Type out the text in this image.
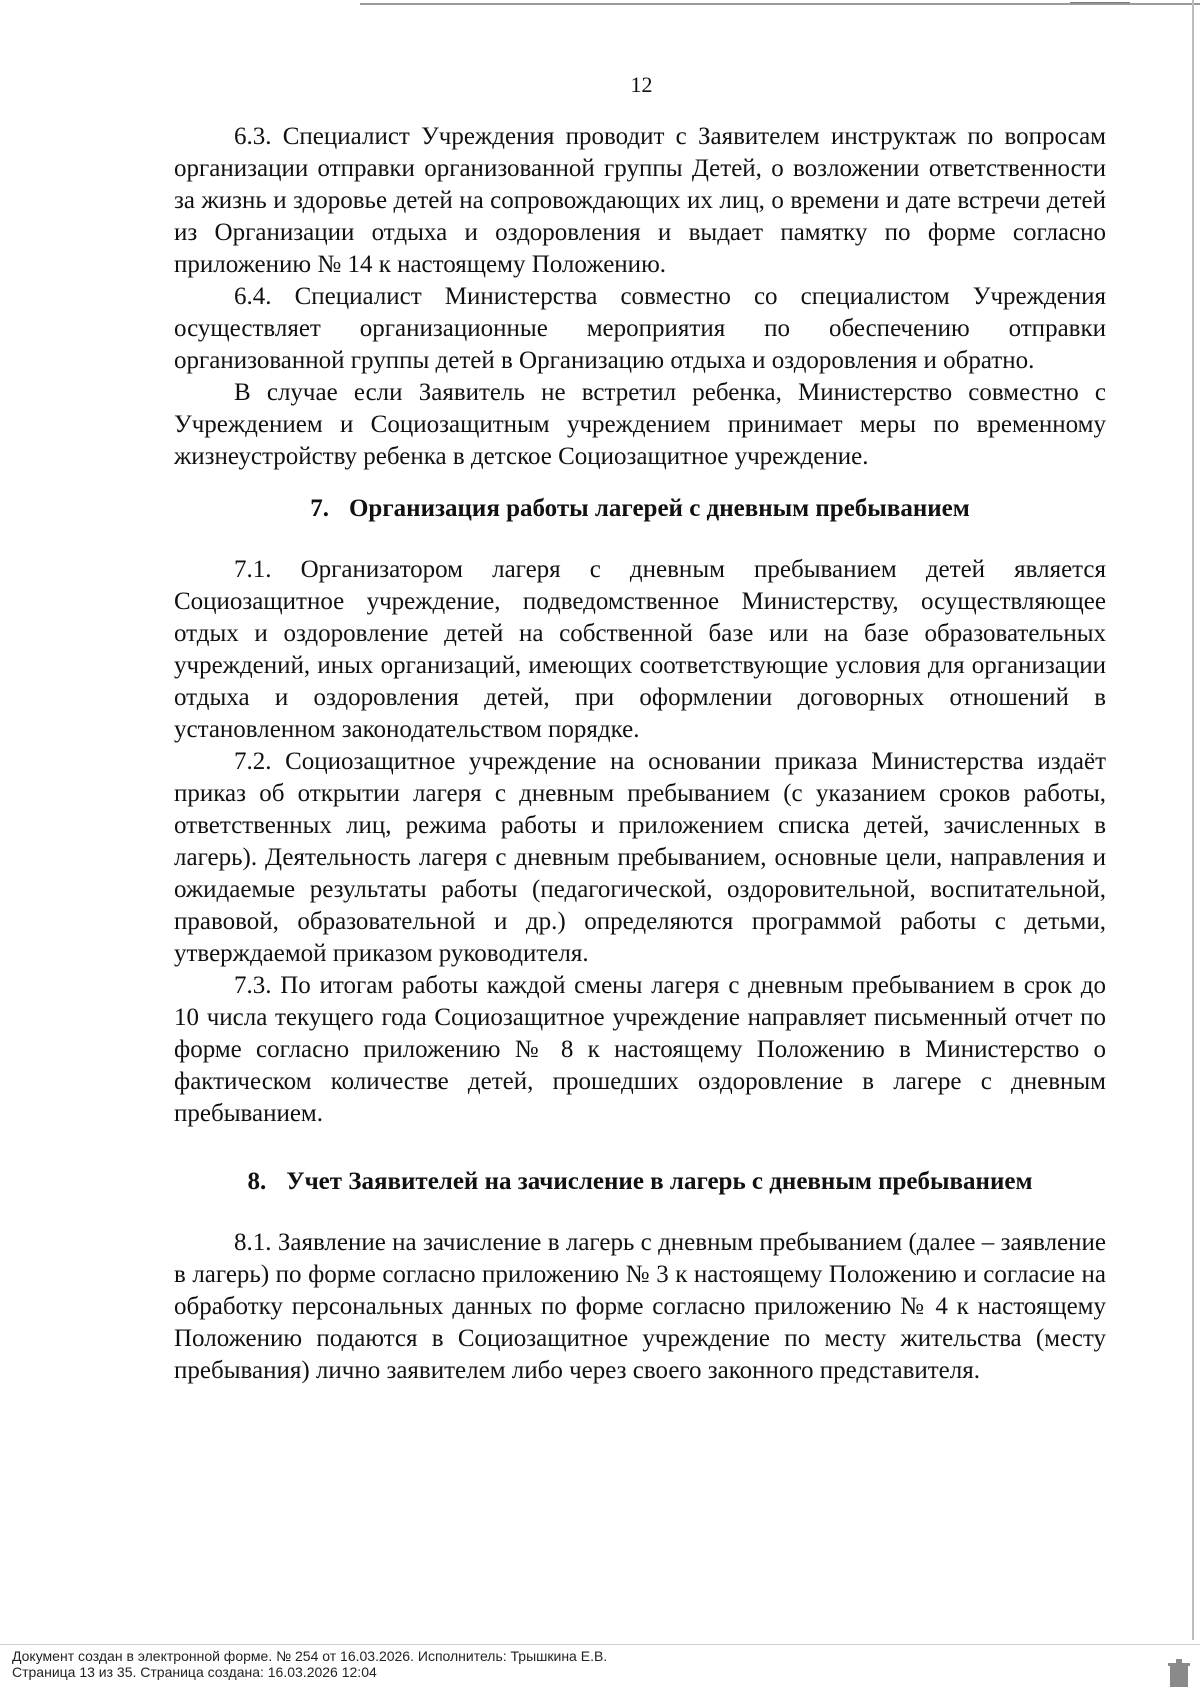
12

6.3. Специалист Учреждения проводит с Заявителем инструктаж по вопросам организации отправки организованной группы Детей, о возложении ответственности за жизнь и здоровье детей на сопровождающих их лиц, о времени и дате встречи детей из Организации отдыха и оздоровления и выдает памятку по форме согласно приложению № 14 к настоящему Положению.

6.4. Специалист Министерства совместно со специалистом Учреждения осуществляет организационные мероприятия по обеспечению отправки организованной группы детей в Организацию отдыха и оздоровления и обратно.

В случае если Заявитель не встретил ребенка, Министерство совместно с Учреждением и Социозащитным учреждением принимает меры по временному жизнеустройству ребенка в детское Социозащитное учреждение.

7. Организация работы лагерей с дневным пребыванием

7.1. Организатором лагеря с дневным пребыванием детей является Социозащитное учреждение, подведомственное Министерству, осуществляющее отдых и оздоровление детей на собственной базе или на базе образовательных учреждений, иных организаций, имеющих соответствующие условия для организации отдыха и оздоровления детей, при оформлении договорных отношений в установленном законодательством порядке.

7.2. Социозащитное учреждение на основании приказа Министерства издаёт приказ об открытии лагеря с дневным пребыванием (с указанием сроков работы, ответственных лиц, режима работы и приложением списка детей, зачисленных в лагерь). Деятельность лагеря с дневным пребыванием, основные цели, направления и ожидаемые результаты работы (педагогической, оздоровительной, воспитательной, правовой, образовательной и др.) определяются программой работы с детьми, утверждаемой приказом руководителя.

7.3. По итогам работы каждой смены лагеря с дневным пребыванием в срок до 10 числа текущего года Социозащитное учреждение направляет письменный отчет по форме согласно приложению № 8 к настоящему Положению в Министерство о фактическом количестве детей, прошедших оздоровление в лагере с дневным пребыванием.

8. Учет Заявителей на зачисление в лагерь с дневным пребыванием

8.1. Заявление на зачисление в лагерь с дневным пребыванием (далее – заявление в лагерь) по форме согласно приложению № 3 к настоящему Положению и согласие на обработку персональных данных по форме согласно приложению № 4 к настоящему Положению подаются в Социозащитное учреждение по месту жительства (месту пребывания) лично заявителем либо через своего законного представителя.

Документ создан в электронной форме. № 254 от 16.03.2026. Исполнитель: Трышкина Е.В.
Страница 13 из 35. Страница создана: 16.03.2026 12:04
